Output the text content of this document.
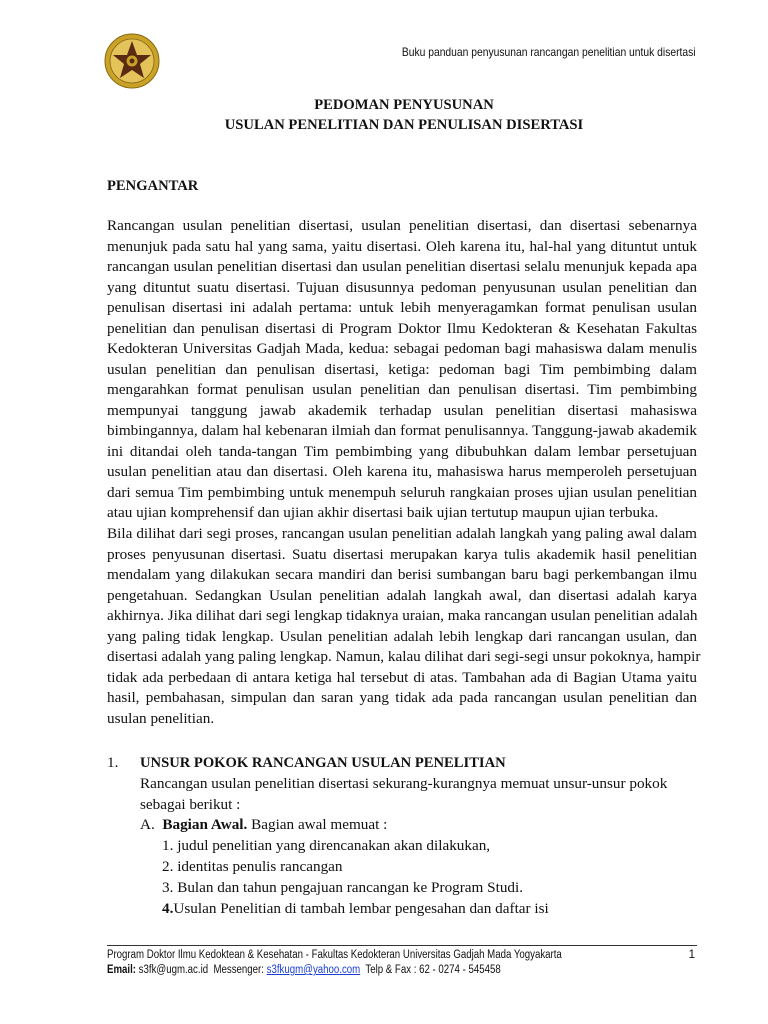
Buku panduan penyusunan rancangan penelitian untuk disertasi
PEDOMAN PENYUSUNAN
USULAN PENELITIAN DAN PENULISAN DISERTASI
PENGANTAR
Rancangan usulan penelitian disertasi, usulan penelitian disertasi, dan disertasi sebenarnya
menunjuk pada satu hal yang sama, yaitu disertasi. Oleh karena itu, hal-hal yang dituntut untuk
rancangan usulan penelitian disertasi dan usulan penelitian disertasi selalu menunjuk kepada apa
yang dituntut suatu disertasi. Tujuan disusunnya pedoman penyusunan usulan penelitian dan
penulisan disertasi ini adalah pertama: untuk lebih menyeragamkan format penulisan usulan
penelitian dan penulisan disertasi di Program Doktor Ilmu Kedokteran & Kesehatan Fakultas
Kedokteran Universitas Gadjah Mada, kedua: sebagai pedoman bagi mahasiswa dalam menulis
usulan penelitian dan penulisan disertasi, ketiga: pedoman bagi Tim pembimbing dalam
mengarahkan format penulisan usulan penelitian dan penulisan disertasi. Tim pembimbing
mempunyai tanggung jawab akademik terhadap usulan penelitian disertasi mahasiswa
bimbingannya, dalam hal kebenaran ilmiah dan format penulisannya. Tanggung-jawab akademik
ini ditandai oleh tanda-tangan Tim pembimbing yang dibubuhkan dalam lembar persetujuan
usulan penelitian atau dan disertasi. Oleh karena itu, mahasiswa harus memperoleh persetujuan
dari semua Tim pembimbing untuk menempuh seluruh rangkaian proses ujian usulan penelitian
atau ujian komprehensif dan ujian akhir disertasi baik ujian tertutup maupun ujian terbuka.
Bila dilihat dari segi proses, rancangan usulan penelitian adalah langkah yang paling awal dalam
proses penyusunan disertasi. Suatu disertasi merupakan karya tulis akademik hasil penelitian
mendalam yang dilakukan secara mandiri dan berisi sumbangan baru bagi perkembangan ilmu
pengetahuan. Sedangkan Usulan penelitian adalah langkah awal, dan disertasi adalah karya
akhirnya. Jika dilihat dari segi lengkap tidaknya uraian, maka rancangan usulan penelitian adalah
yang paling tidak lengkap. Usulan penelitian adalah lebih lengkap dari rancangan usulan, dan
disertasi adalah yang paling lengkap. Namun, kalau dilihat dari segi-segi unsur pokoknya, hampir
tidak ada perbedaan di antara ketiga hal tersebut di atas. Tambahan ada di Bagian Utama yaitu
hasil, pembahasan, simpulan dan saran yang tidak ada pada rancangan usulan penelitian dan
usulan penelitian.
1. UNSUR POKOK RANCANGAN USULAN PENELITIAN
Rancangan usulan penelitian disertasi sekurang-kurangnya memuat unsur-unsur pokok sebagai berikut :
A. Bagian Awal. Bagian awal memuat :
1. judul penelitian yang direncanakan akan dilakukan,
2. identitas penulis rancangan
3. Bulan dan tahun pengajuan rancangan ke Program Studi.
4.Usulan Penelitian di tambah lembar pengesahan dan daftar isi
Program Doktor Ilmu Kedoktean & Kesehatan - Fakultas Kedokteran Universitas Gadjah Mada Yogyakarta	1
Email: s3fk@ugm.ac.id Messenger: s3fkugm@yahoo.com Telp & Fax : 62 - 0274 - 545458
